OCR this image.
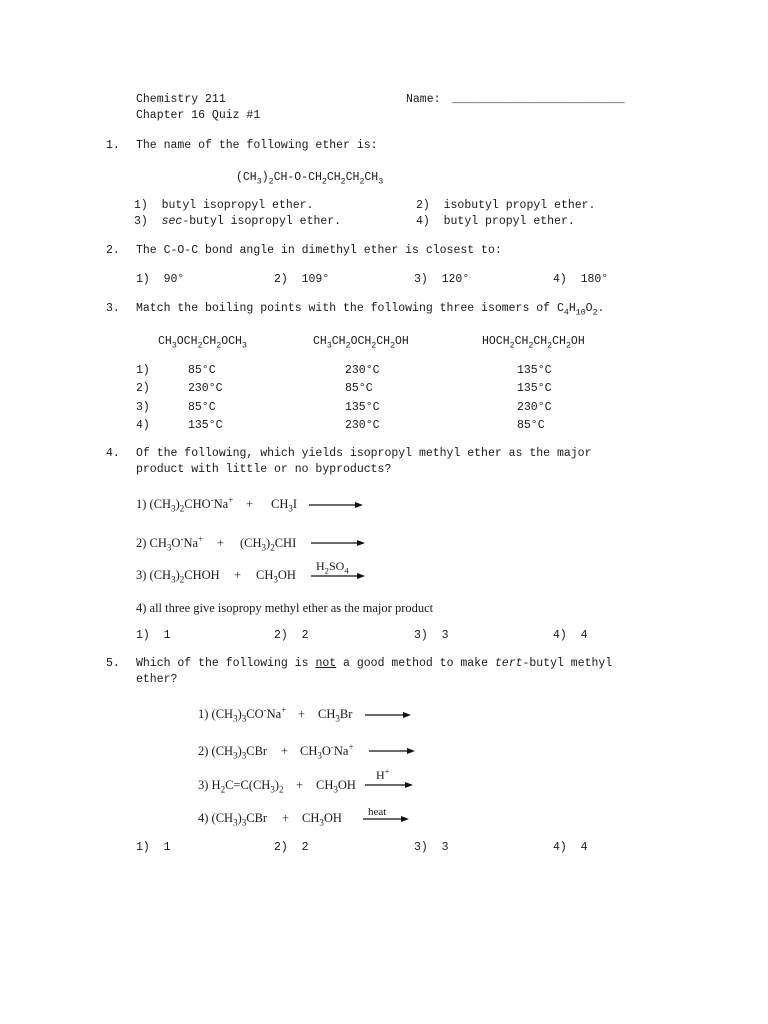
Chemistry 211
Chapter 16 Quiz #1
Name: _________________________
1. The name of the following ether is:
$(CH_3)_2CH-O-CH_2CH_2CH_2CH_3$
1) butyl isopropyl ether.	2) isobutyl propyl ether.
3) sec-butyl isopropyl ether.	4) butyl propyl ether.
2. The C-O-C bond angle in dimethyl ether is closest to:
1) 90°	2) 109°	3) 120°	4) 180°
3. Match the boiling points with the following three isomers of $C_4H_{10}O_2$.
$CH_3OCH_2CH_2OCH_3$	$CH_3CH_2OCH_2CH_2OH$	$HOCH_2CH_2CH_2CH_2OH$
1)	85°C	230°C	135°C
2)	230°C	85°C	135°C
3)	85°C	135°C	230°C
4)	135°C	230°C	85°C
4. Of the following, which yields isopropyl methyl ether as the major
product with little or no byproducts?
1) $(CH_3)_2CHO^-Na^+ + CH_3I$
2) $CH_3O^-Na^+ + (CH_3)_2CHI$
3) $(CH_3)_2CHOH + CH_3OH$
$H_2SO_4$
4) all three give isopropy methyl ether as the major product
1) 1	2) 2	3) 3	4) 4
5. Which of the following is not a good method to make tert-butyl methyl
ether?
1) $(CH_3)_3CO^-Na^+ + CH_3Br$
2) $(CH_3)_3CBr + CH_3O^-Na^+$
3) $H_2C=C(CH_3)_2 + CH_3OH$
H+
4) $(CH_3)_3CBr + CH_3OH$ heat
1) 1	2) 2	3) 3	4) 4
